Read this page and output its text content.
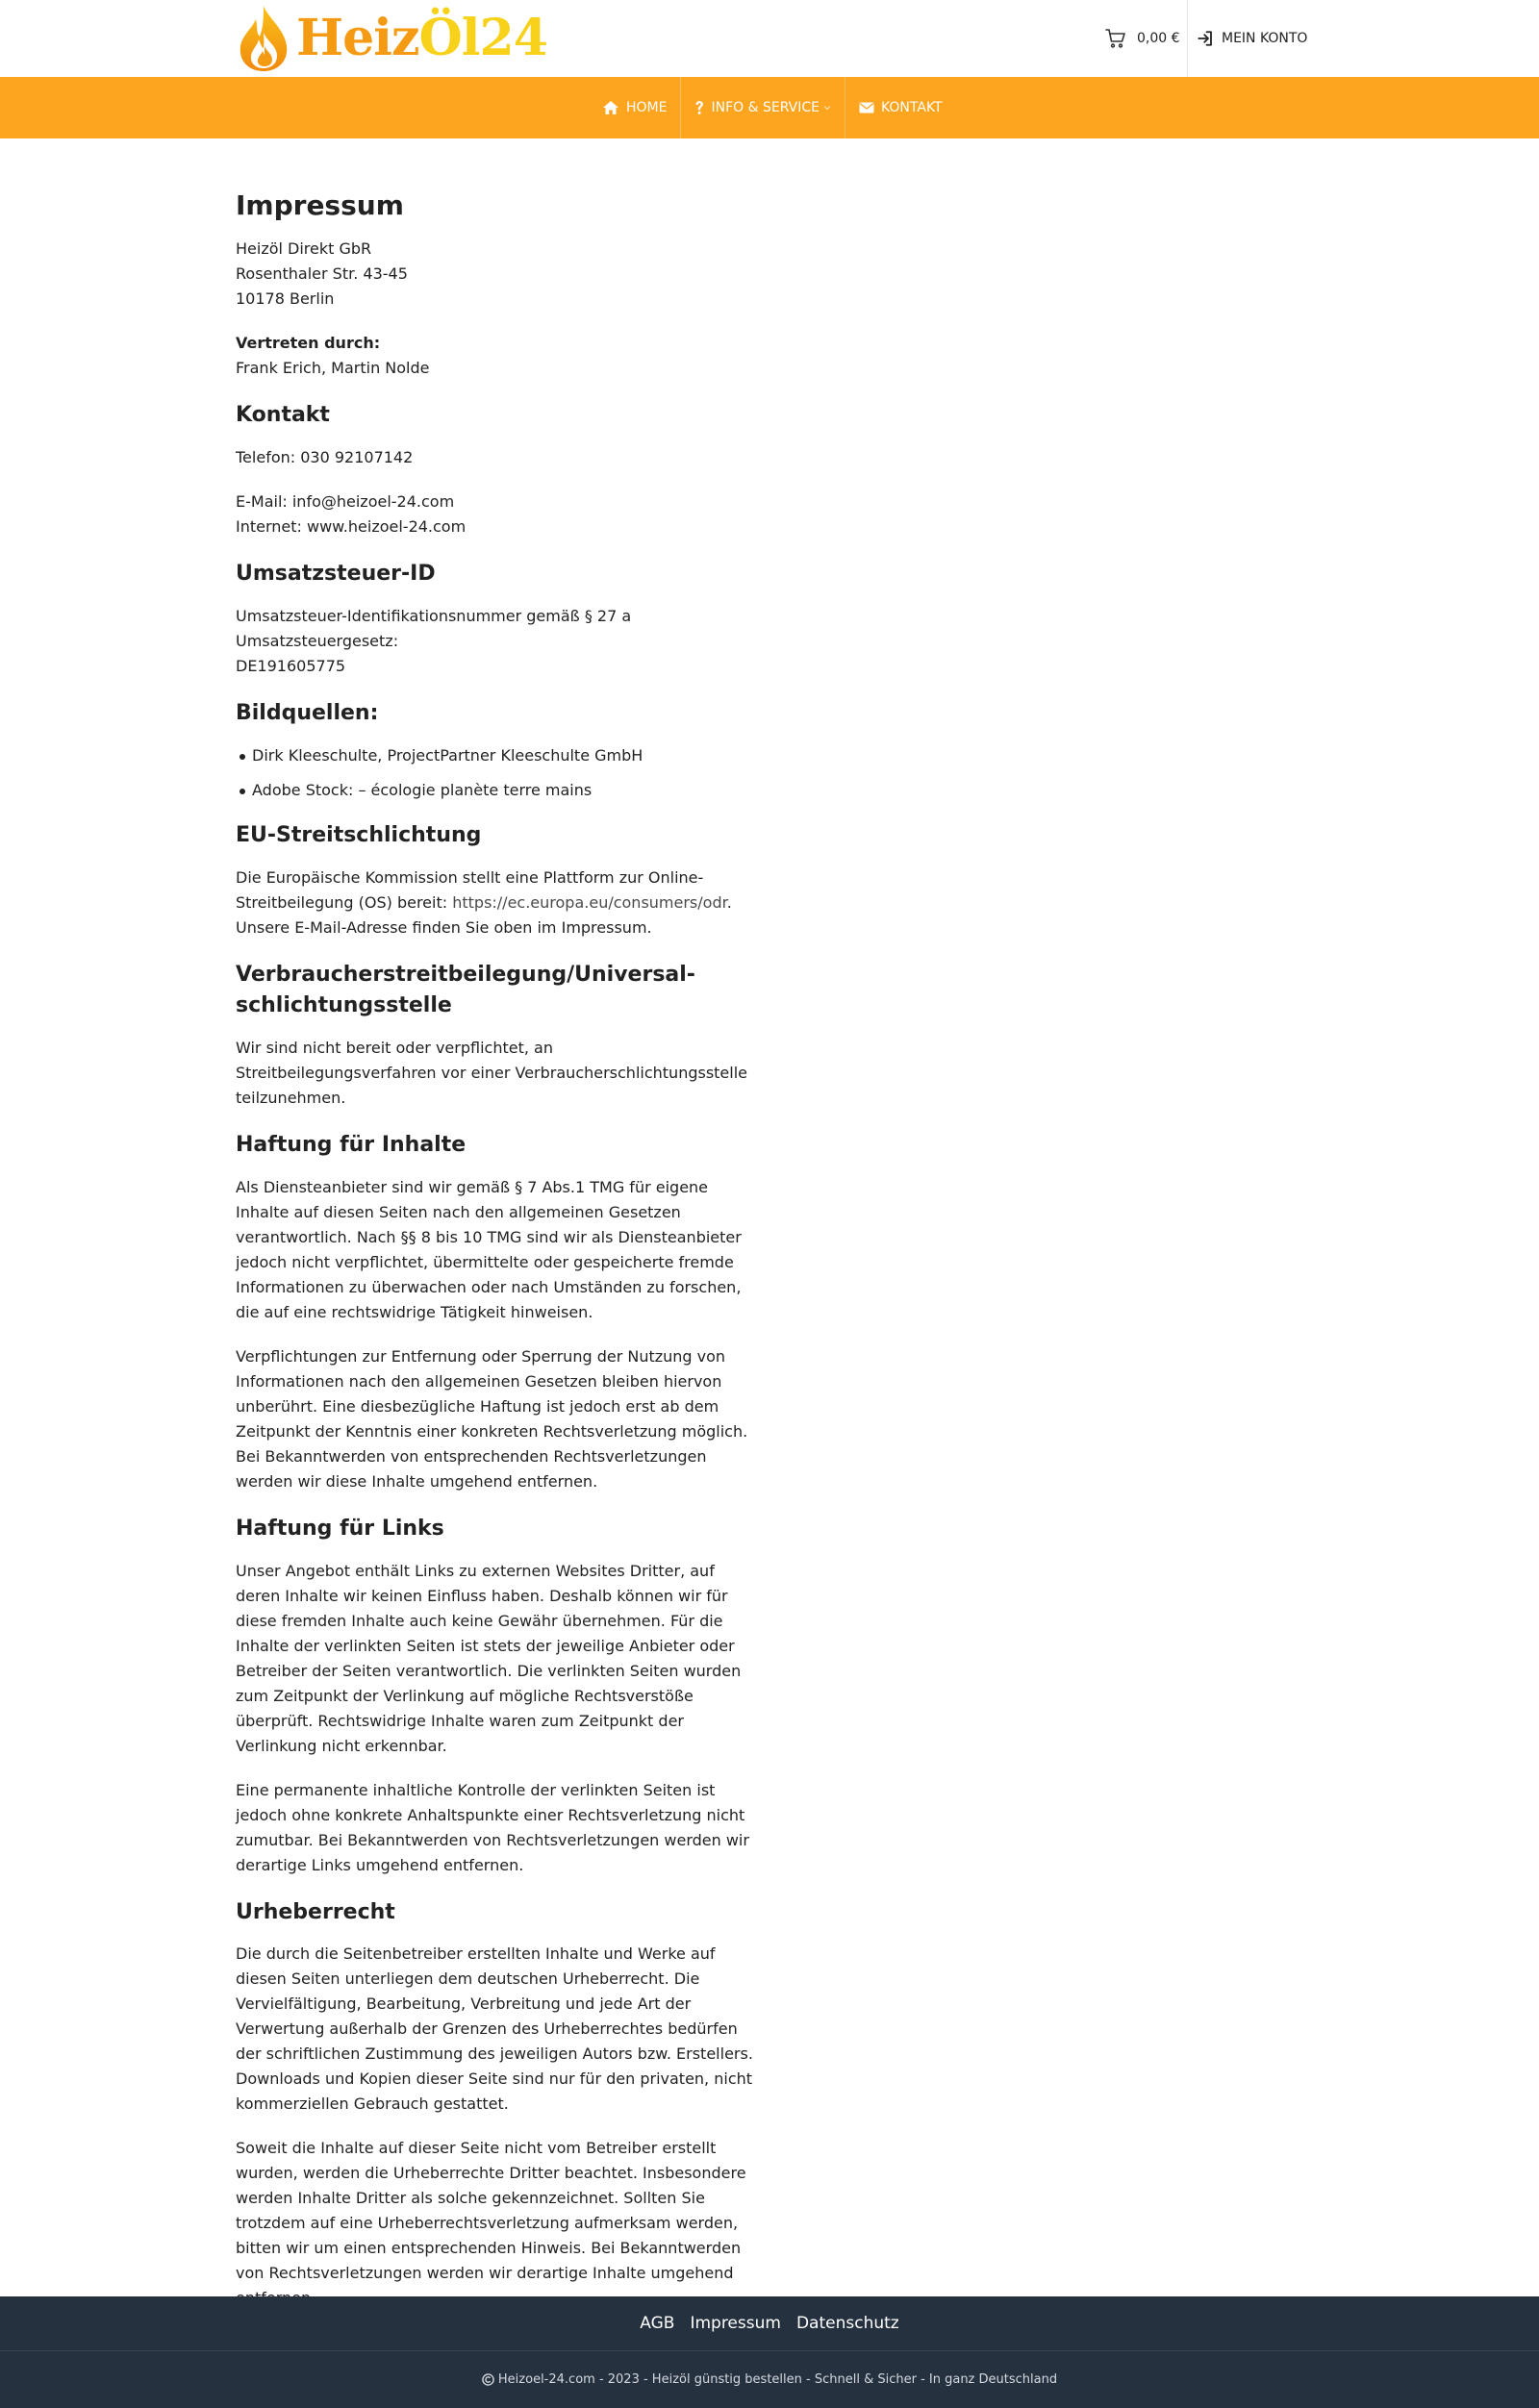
HeizÖl24	0,00 €	MEIN KONTO
HOME	INFO & SERVICE	KONTAKT
Impressum

Heizöl Direkt GbR
Rosenthaler Str. 43-45
10178 Berlin

Vertreten durch:
Frank Erich, Martin Nolde

Kontakt

Telefon: 030 92107142

E-Mail: info@heizoel-24.com
Internet: www.heizoel-24.com

Umsatzsteuer-ID

Umsatzsteuer-Identifikationsnummer gemäß § 27 a
Umsatzsteuergesetz:
DE191605775

Bildquellen:
Dirk Kleeschulte, ProjectPartner Kleeschulte GmbH
Adobe Stock: – écologie planète terre mains
EU-Streitschlichtung

Die Europäische Kommission stellt eine Plattform zur Online-
Streitbeilegung (OS) bereit: https://ec.europa.eu/consumers/odr.
Unsere E-Mail-Adresse finden Sie oben im Impressum.

Verbraucherstreitbeilegung/Universal-
schlichtungsstelle

Wir sind nicht bereit oder verpflichtet, an Streitbeilegungsverfahren vor einer Verbraucherschlichtungsstelle teilzunehmen.

Haftung für Inhalte

Als Diensteanbieter sind wir gemäß § 7 Abs.1 TMG für eigene Inhalte auf diesen Seiten nach den allgemeinen Gesetzen verantwortlich. Nach §§ 8 bis 10 TMG sind wir als Diensteanbieter jedoch nicht verpflichtet, übermittelte oder gespeicherte fremde Informationen zu überwachen oder nach Umständen zu forschen, die auf eine rechtswidrige Tätigkeit hinweisen.

Verpflichtungen zur Entfernung oder Sperrung der Nutzung von Informationen nach den allgemeinen Gesetzen bleiben hiervon unberührt. Eine diesbezügliche Haftung ist jedoch erst ab dem Zeitpunkt der Kenntnis einer konkreten Rechtsverletzung möglich. Bei Bekanntwerden von entsprechenden Rechtsverletzungen werden wir diese Inhalte umgehend entfernen.

Haftung für Links

Unser Angebot enthält Links zu externen Websites Dritter, auf deren Inhalte wir keinen Einfluss haben. Deshalb können wir für diese fremden Inhalte auch keine Gewähr übernehmen. Für die Inhalte der verlinkten Seiten ist stets der jeweilige Anbieter oder Betreiber der Seiten verantwortlich. Die verlinkten Seiten wurden zum Zeitpunkt der Verlinkung auf mögliche Rechtsverstöße überprüft. Rechtswidrige Inhalte waren zum Zeitpunkt der Verlinkung nicht erkennbar.

Eine permanente inhaltliche Kontrolle der verlinkten Seiten ist jedoch ohne konkrete Anhaltspunkte einer Rechtsverletzung nicht zumutbar. Bei Bekanntwerden von Rechtsverletzungen werden wir derartige Links umgehend entfernen.

Urheberrecht

Die durch die Seitenbetreiber erstellten Inhalte und Werke auf diesen Seiten unterliegen dem deutschen Urheberrecht. Die Vervielfältigung, Bearbeitung, Verbreitung und jede Art der Verwertung außerhalb der Grenzen des Urheberrechtes bedürfen der schriftlichen Zustimmung des jeweiligen Autors bzw. Erstellers. Downloads und Kopien dieser Seite sind nur für den privaten, nicht kommerziellen Gebrauch gestattet.

Soweit die Inhalte auf dieser Seite nicht vom Betreiber erstellt wurden, werden die Urheberrechte Dritter beachtet. Insbesondere werden Inhalte Dritter als solche gekennzeichnet. Sollten Sie trotzdem auf eine Urheberrechtsverletzung aufmerksam werden, bitten wir um einen entsprechenden Hinweis. Bei Bekanntwerden von Rechtsverletzungen werden wir derartige Inhalte umgehend

AGB Impressum Datenschutz
Heizoel-24.com - 2023 - Heizöl günstig bestellen - Schnell & Sicher - In ganz Deutschland
